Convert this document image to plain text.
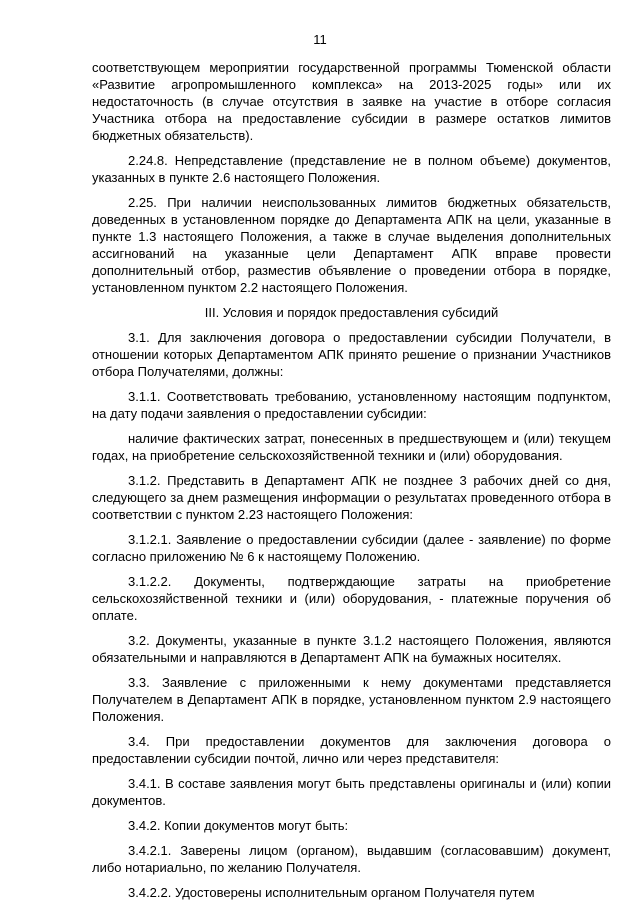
11

соответствующем мероприятии государственной программы Тюменской области «Развитие агропромышленного комплекса» на 2013-2025 годы» или их недостаточность (в случае отсутствия в заявке на участие в отборе согласия Участника отбора на предоставление субсидии в размере остатков лимитов бюджетных обязательств).

2.24.8. Непредставление (представление не в полном объеме) документов, указанных в пункте 2.6 настоящего Положения.

2.25. При наличии неиспользованных лимитов бюджетных обязательств, доведенных в установленном порядке до Департамента АПК на цели, указанные в пункте 1.3 настоящего Положения, а также в случае выделения дополнительных ассигнований на указанные цели Департамент АПК вправе провести дополнительный отбор, разместив объявление о проведении отбора в порядке, установленном пунктом 2.2 настоящего Положения.

III. Условия и порядок предоставления субсидий

3.1. Для заключения договора о предоставлении субсидии Получатели, в отношении которых Департаментом АПК принято решение о признании Участников отбора Получателями, должны:

3.1.1. Соответствовать требованию, установленному настоящим подпунктом, на дату подачи заявления о предоставлении субсидии:

наличие фактических затрат, понесенных в предшествующем и (или) текущем годах, на приобретение сельскохозяйственной техники и (или) оборудования.

3.1.2. Представить в Департамент АПК не позднее 3 рабочих дней со дня, следующего за днем размещения информации о результатах проведенного отбора в соответствии с пунктом 2.23 настоящего Положения:

3.1.2.1. Заявление о предоставлении субсидии (далее - заявление) по форме согласно приложению № 6 к настоящему Положению.

3.1.2.2. Документы, подтверждающие затраты на приобретение сельскохозяйственной техники и (или) оборудования, - платежные поручения об оплате.

3.2. Документы, указанные в пункте 3.1.2 настоящего Положения, являются обязательными и направляются в Департамент АПК на бумажных носителях.

3.3. Заявление с приложенными к нему документами представляется Получателем в Департамент АПК в порядке, установленном пунктом 2.9 настоящего Положения.

3.4. При предоставлении документов для заключения договора о предоставлении субсидии почтой, лично или через представителя:

3.4.1. В составе заявления могут быть представлены оригиналы и (или) копии документов.

3.4.2. Копии документов могут быть:

3.4.2.1. Заверены лицом (органом), выдавшим (согласовавшим) документ, либо нотариально, по желанию Получателя.

3.4.2.2. Удостоверены исполнительным органом Получателя путем
